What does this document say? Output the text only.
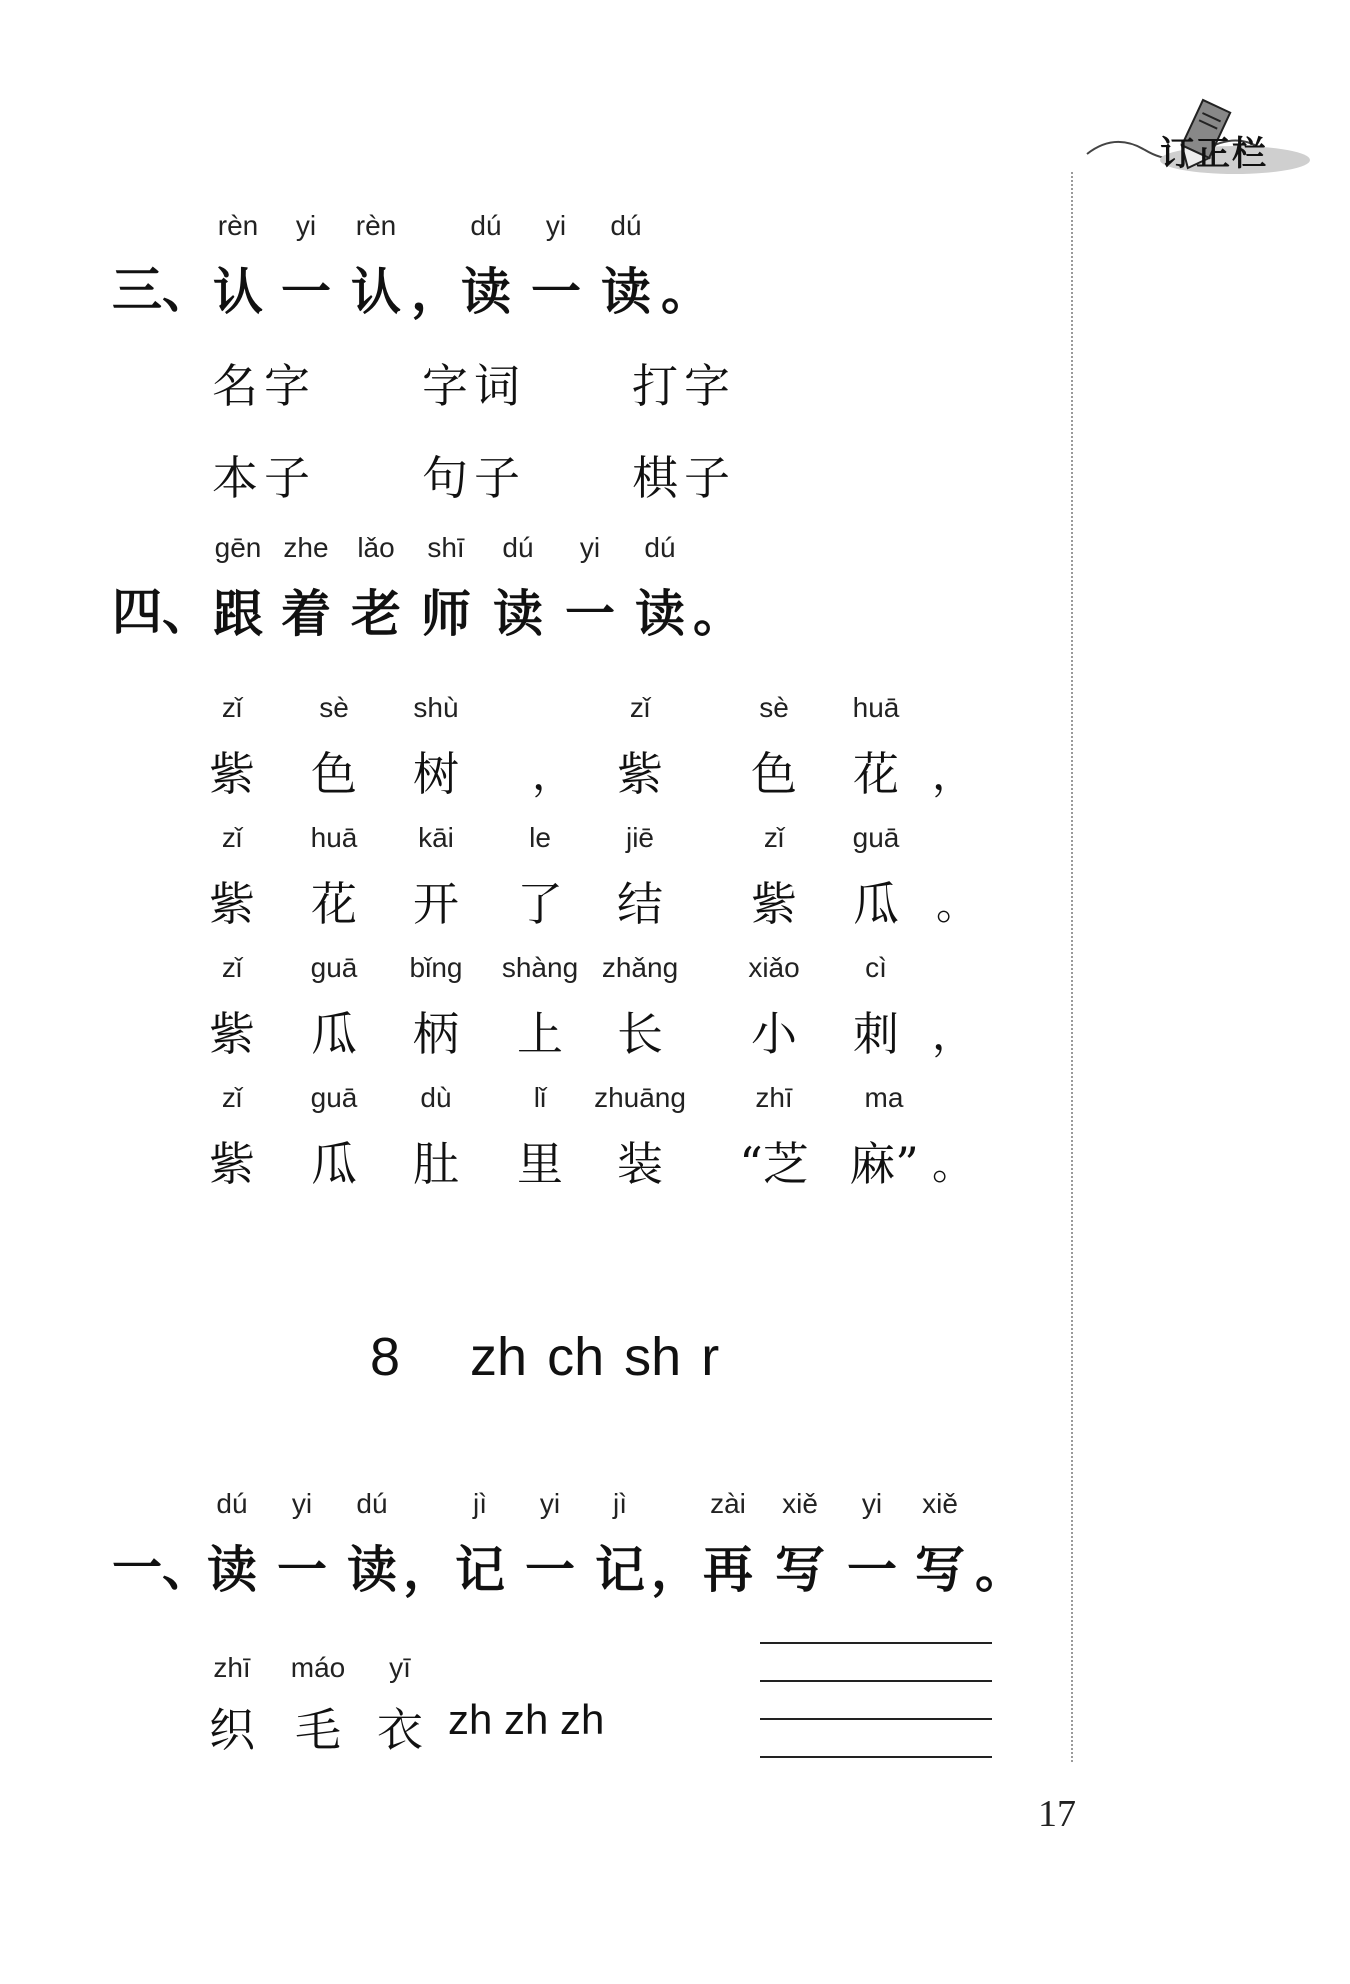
订正栏
三、
rèn
认
yi
一
rèn
认 ，
dú
读
yi
一
dú
读 。
名字 字词 打字
本子 句子 棋子
四、
gēn
跟
zhe
着
lǎo
老
shī
师
dú
读
yi
一
dú
读 。
zǐ
紫
sè
色
shù
树 ，
zǐ
紫
sè
色
huā
花 ，
zǐ
紫
huā
花
kāi
开
le
了
jiē
结
zǐ
紫
guā
瓜 。
zǐ
紫
guā
瓜
bǐng
柄
shàng
上
zhǎng
长
xiǎo
小
cì
刺 ，
zǐ
紫
guā
瓜
dù
肚
lǐ
里
zhuāng
装
zhī
“芝
ma
麻” 。
8 zh ch sh r
一、
dú
读
yi
一
dú
读 ，
jì
记
yi
一
jì
记 ，
zài
再
xiě
写
yi
一
xiě
写 。
zh zh zh
zhī
织
máo
毛
yī
衣
17
